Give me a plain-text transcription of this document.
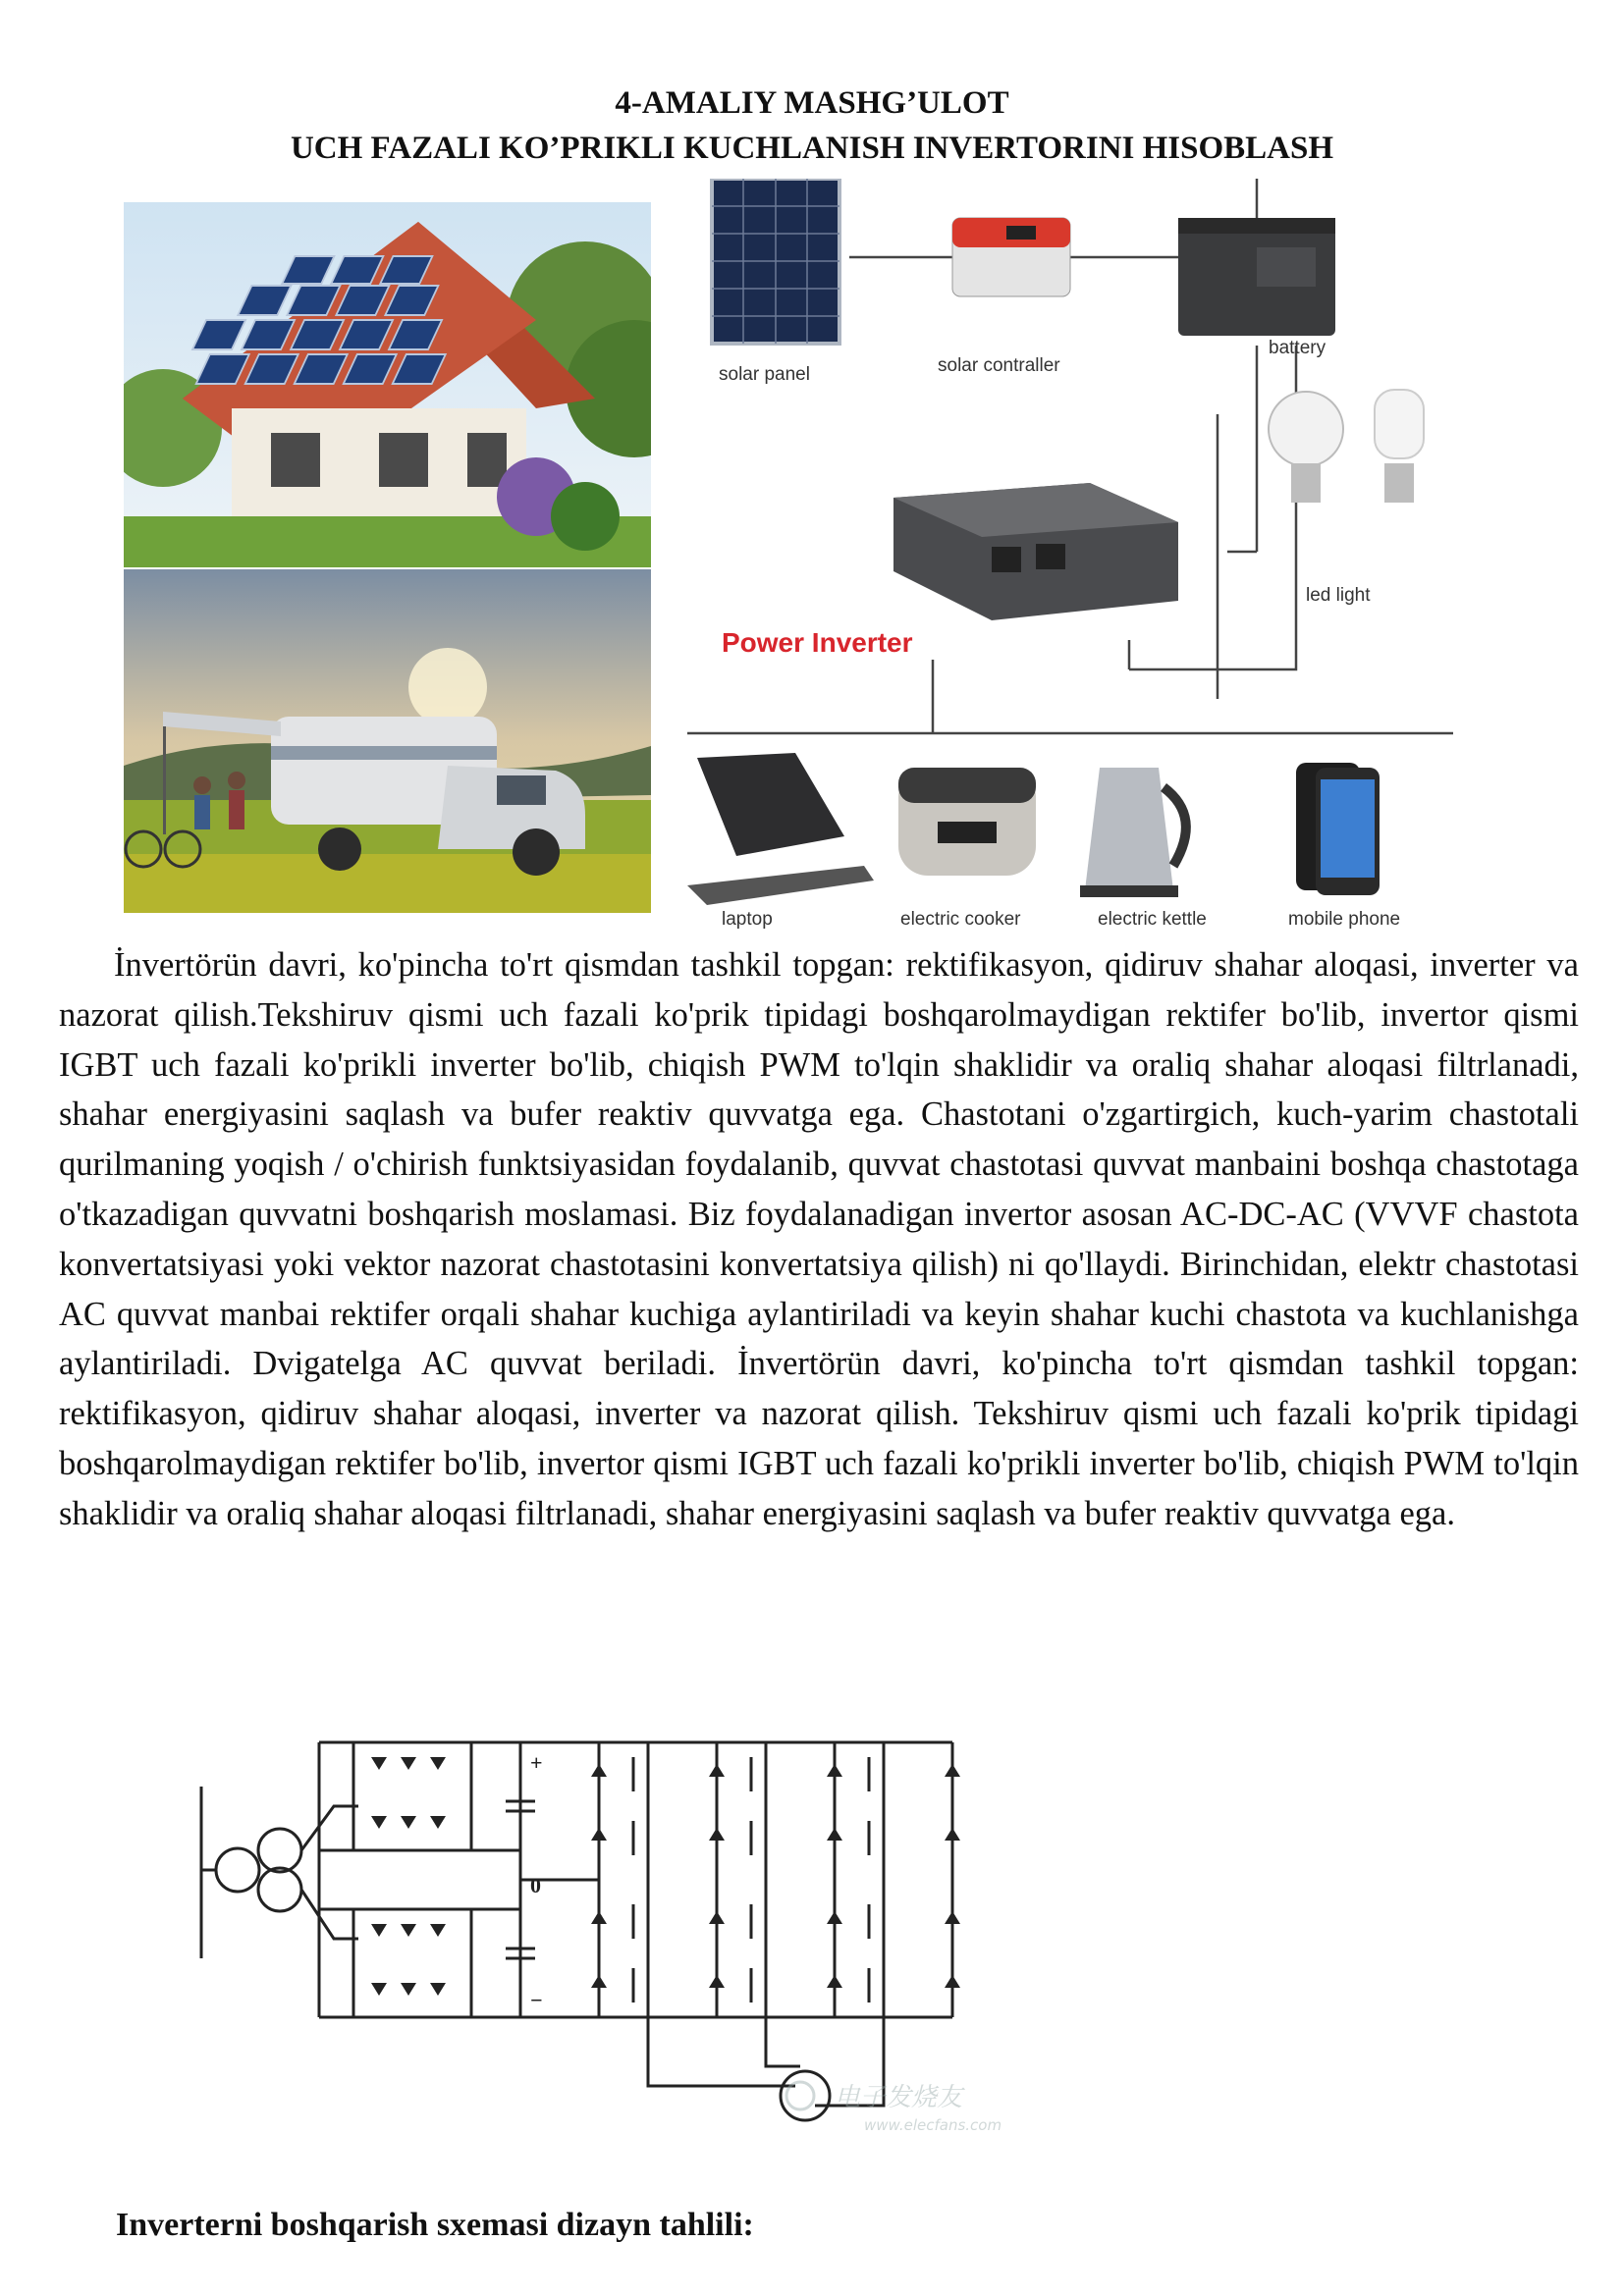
4-AMALIY MASHG’ULOT
UCH FAZALI KO’PRIKLI KUCHLANISH INVERTORINI HISOBLASH
solar panel	solar contraller
battery
led light
Power Inverter
laptop	electric cooker	electric kettle	mobile phone

İnvertörün davri, ko'pincha to'rt qismdan tashkil topgan: rektifikasyon, qidiruv shahar aloqasi, inverter va nazorat qilish.Tekshiruv qismi uch fazali ko'prik tipidagi boshqarolmaydigan rektifer bo'lib, invertor qismi IGBT uch fazali ko'prikli inverter bo'lib, chiqish PWM to'lqin shaklidir va oraliq shahar aloqasi filtrlanadi, shahar energiyasini saqlash va bufer reaktiv quvvatga ega. Chastotani o'zgartirgich, kuch-yarim chastotali qurilmaning yoqish / o'chirish funktsiyasidan foydalanib, quvvat chastotasi quvvat manbaini boshqa chastotaga o'tkazadigan quvvatni boshqarish moslamasi. Biz foydalanadigan invertor asosan AC-DC-AC (VVVF chastota konvertatsiyasi yoki vektor nazorat chastotasini konvertatsiya qilish) ni qo'llaydi. Birinchidan, elektr chastotasi AC quvvat manbai rektifer orqali shahar kuchiga aylantiriladi va keyin shahar kuchi chastota va kuchlanishga aylantiriladi. Dvigatelga AC quvvat beriladi. İnvertörün davri, ko'pincha to'rt qismdan tashkil topgan: rektifikasyon, qidiruv shahar aloqasi, inverter va nazorat qilish. Tekshiruv qismi uch fazali ko'prik tipidagi boshqarolmaydigan rektifer bo'lib, invertor qismi IGBT uch fazali ko'prikli inverter bo'lib, chiqish PWM to'lqin shaklidir va oraliq shahar aloqasi filtrlanadi, shahar energiyasini saqlash va bufer reaktiv quvvatga ega.

+
0
−
电子发烧友
www.elecfans.com
Inverterni boshqarish sxemasi dizayn tahlili:
